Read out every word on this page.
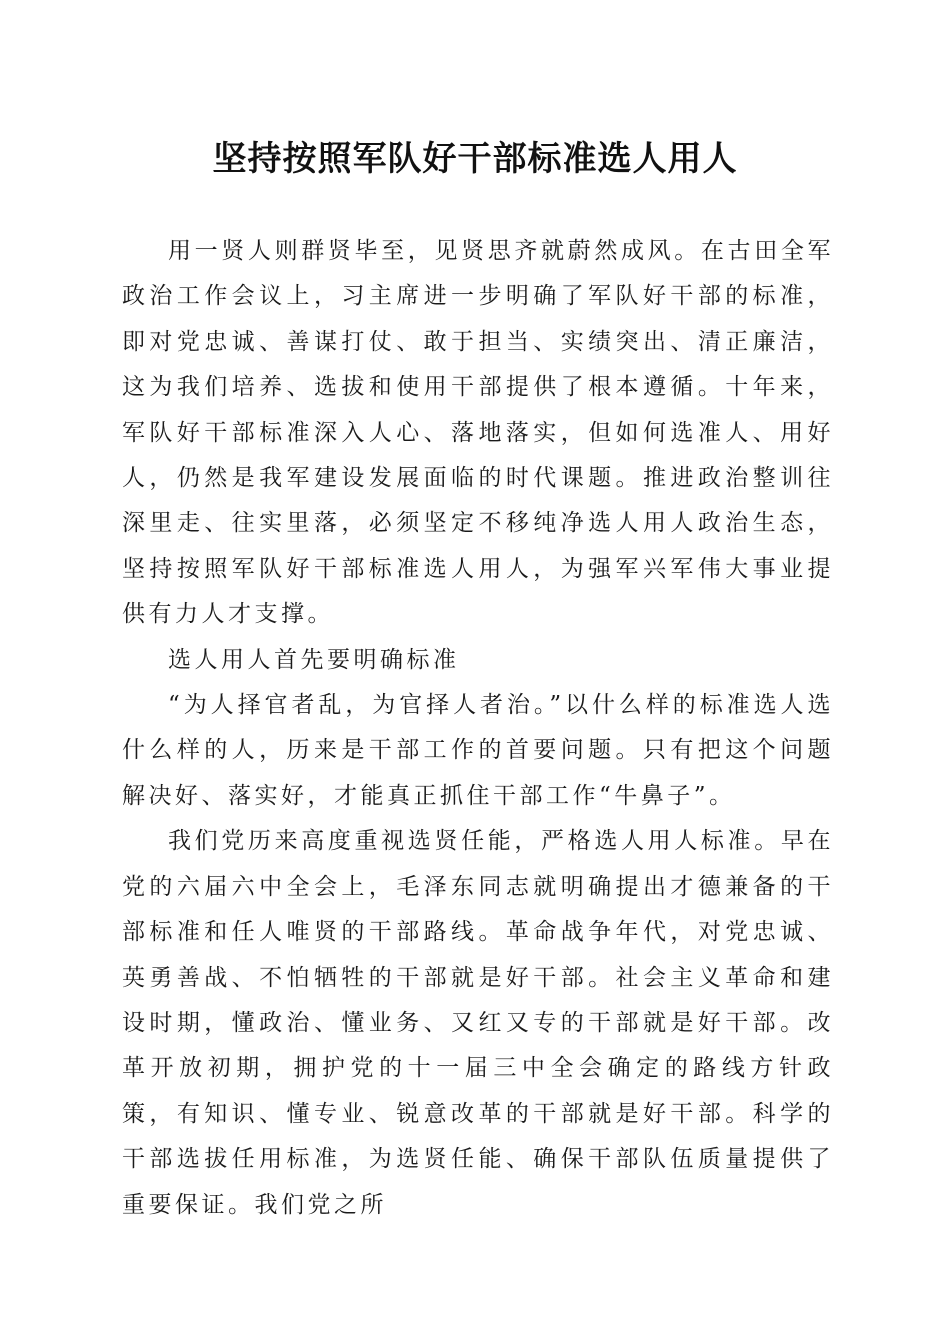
坚持按照军队好干部标准选人用人

用一贤人则群贤毕至，见贤思齐就蔚然成风。在古田全军政治工作会议上，习主席进一步明确了军队好干部的标准，即对党忠诚、善谋打仗、敢于担当、实绩突出、清正廉洁，这为我们培养、选拔和使用干部提供了根本遵循。十年来，军队好干部标准深入人心、落地落实，但如何选准人、用好人，仍然是我军建设发展面临的时代课题。推进政治整训往深里走、往实里落，必须坚定不移纯净选人用人政治生态，坚持按照军队好干部标准选人用人，为强军兴军伟大事业提供有力人才支撑。

选人用人首先要明确标准

“为人择官者乱，为官择人者治。”以什么样的标准选人选什么样的人，历来是干部工作的首要问题。只有把这个问题解决好、落实好，才能真正抓住干部工作“牛鼻子”。

我们党历来高度重视选贤任能，严格选人用人标准。早在党的六届六中全会上，毛泽东同志就明确提出才德兼备的干部标准和任人唯贤的干部路线。革命战争年代，对党忠诚、英勇善战、不怕牺牲的干部就是好干部。社会主义革命和建设时期，懂政治、懂业务、又红又专的干部就是好干部。改革开放初期，拥护党的十一届三中全会确定的路线方针政策，有知识、懂专业、锐意改革的干部就是好干部。科学的干部选拔任用标准，为选贤任能、确保干部队伍质量提供了重要保证。我们党之所
